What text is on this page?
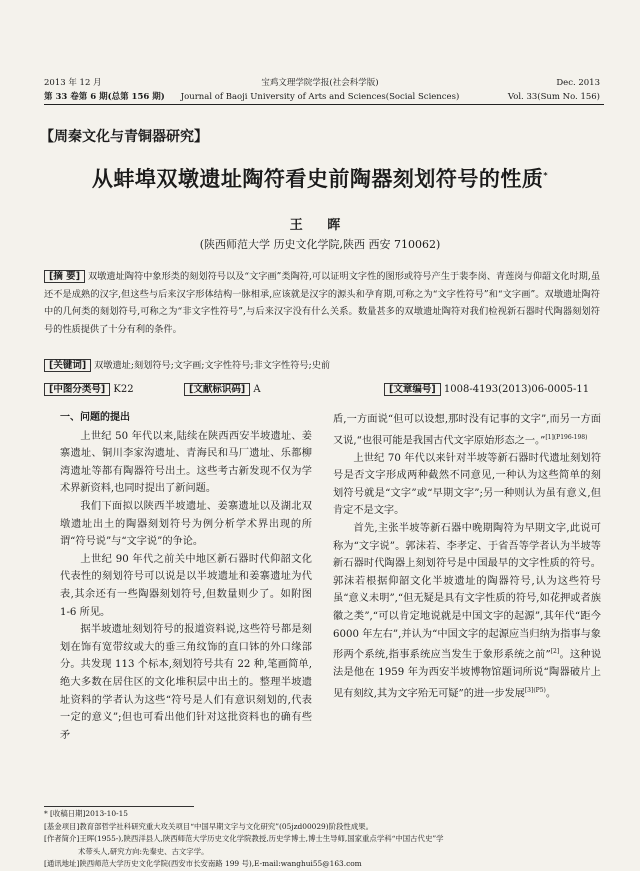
2013 年 12 月
第 33 卷第 6 期(总第 156 期)
宝鸡文理学院学报(社会科学版)
Journal of Baoji University of Arts and Sciences(Social Sciences)
Dec. 2013
Vol. 33(Sum No. 156)
【周秦文化与青铜器研究】
从蚌埠双墩遗址陶符看史前陶器刻划符号的性质*
王 晖
(陕西师范大学 历史文化学院,陕西 西安 710062)
[摘 要] 双墩遗址陶符中象形类的刻划符号以及“文字画”类陶符,可以证明文字性的图形或符号产生于裴李岗、青莲岗与仰韶文化时期,虽还不是成熟的汉字,但这些与后来汉字形体结构一脉相承,应该就是汉字的源头和孕育期,可称之为“文字性符号”和“文字画”。双墩遗址陶符中的几何类的刻划符号,可称之为“非文字性符号”,与后来汉字没有什么关系。数量甚多的双墩遗址陶符对我们检视新石器时代陶器刻划符号的性质提供了十分有利的条件。
[关键词] 双墩遗址;刻划符号;文字画;文字性符号;非文字性符号;史前
[中图分类号] K22	[文献标识码] A	[文章编号] 1008-4193(2013)06-0005-11

一、问题的提出

上世纪 50 年代以来,陆续在陕西西安半坡遗址、姜寨遗址、铜川李家沟遗址、青海民和马厂遗址、乐都柳湾遗址等都有陶器符号出土。这些考古新发现不仅为学术界新资料,也同时提出了新问题。

我们下面拟以陕西半坡遗址、姜寨遗址以及湖北双墩遗址出土的陶器刻划符号为例分析学术界出现的所谓“符号说”与“文字说”的争论。

上世纪 90 年代之前关中地区新石器时代仰韶文化代表性的刻划符号可以说是以半坡遗址和姜寨遗址为代表,其余还有一些陶器刻划符号,但数量则少了。如附图 1-6 所见。

据半坡遗址刻划符号的报道资料说,这些符号都是刻划在饰有宽带纹或大的垂三角纹饰的直口钵的外口缘部分。共发现 113 个标本,刻划符号共有 22 种,笔画简单,绝大多数在居住区的文化堆积层中出土的。整理半坡遗址资料的学者认为这些“符号是人们有意识刻划的,代表一定的意义”;但也可看出他们针对这批资料也的确有些矛

盾,一方面说“但可以设想,那时没有记事的文字”,而另一方面又说,“也很可能是我国古代文字原始形态之一。”$^{[1](P196-198)}$

上世纪 70 年代以来针对半坡等新石器时代遗址刻划符号是否文字形成两种截然不同意见,一种认为这些简单的刻划符号就是“文字”或“早期文字”;另一种则认为虽有意义,但肯定不是文字。

首先,主张半坡等新石器中晚期陶符为早期文字,此说可称为“文字说”。郭沫若、李孝定、于省吾等学者认为半坡等新石器时代陶器上刻划符号是中国最早的文字性质的符号。郭沫若根据仰韶文化半坡遗址的陶器符号,认为这些符号虽“意义未明”,“但无疑是具有文字性质的符号,如花押或者族徽之类”,“可以肯定地说就是中国文字的起源”,其年代“距今 6000 年左右”,并认为“中国文字的起源应当归纳为指事与象形两个系统,指事系统应当发生于象形系统之前”[2]。这种说法是他在 1959 年为西安半坡博物馆题词所说“陶器破片上见有刻纹,其为文字殆无可疑”的进一步发展$^{[3](P5)}$。

* [收稿日期]2013-10-15
[基金项目]教育部哲学社科研究重大攻关项目“中国早期文字与文化研究”(05jzd00029)阶段性成果。
[作者简介]王晖(1955-),陕西洋县人,陕西师范大学历史文化学院教授,历史学博士,博士生导师,国家重点学科“中国古代史”学
术带头人,研究方向:先秦史、古文字学。
[通讯地址]陕西师范大学历史文化学院(西安市长安南路 199 号),E-mail:wanghui55@163.com
